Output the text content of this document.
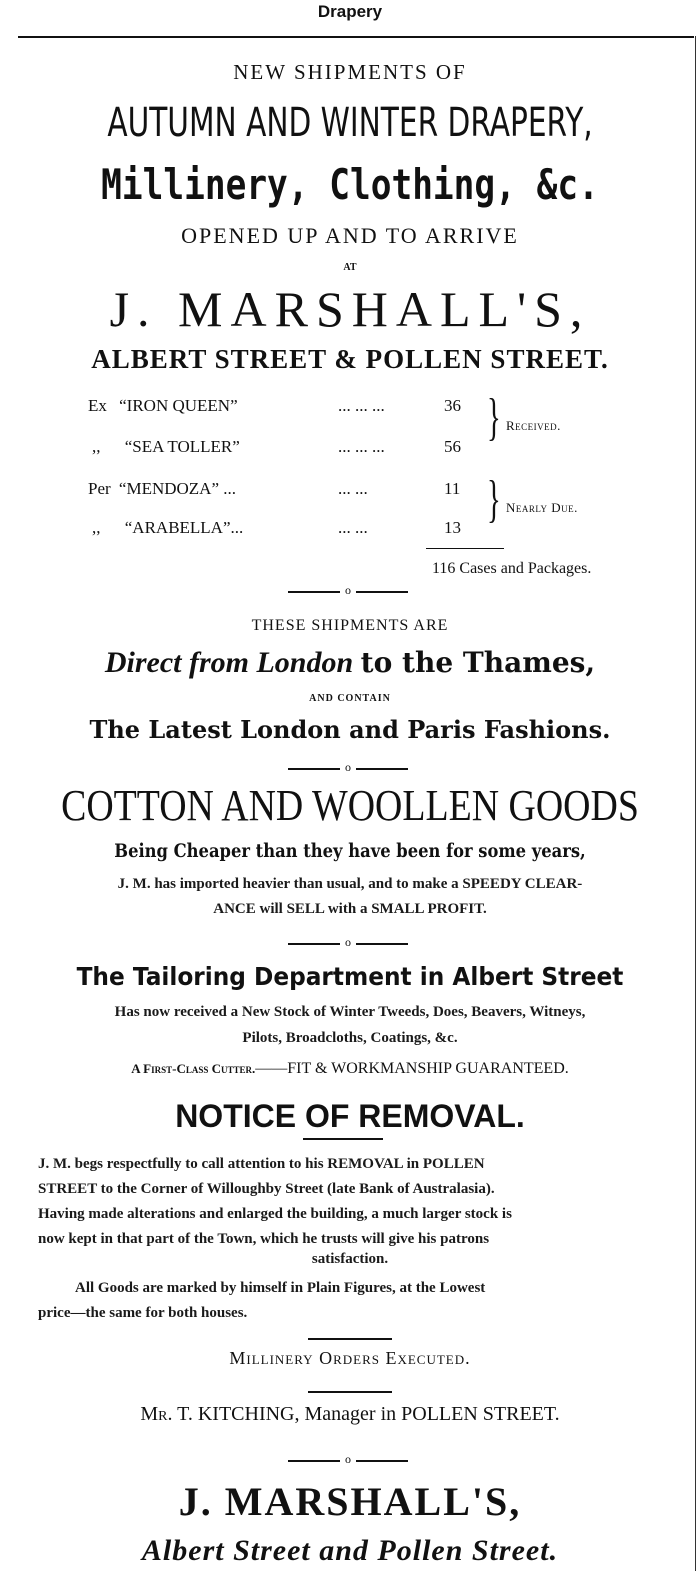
Drapery
NEW SHIPMENTS OF
AUTUMN AND WINTER DRAPERY,
Millinery, Clothing, &c.
OPENED UP AND TO ARRIVE
AT
J. MARSHALL'S,
ALBERT STREET & POLLEN STREET.
Ex “IRON QUEEN”	... ... ...	36
,, “SEA TOLLER”	... ... ...	56
} Received.
Per “MENDOZA” ...	... ...	11
,, “ARABELLA”...	... ...	13 } Nearly Due.
116 Cases and Packages.
o
THESE SHIPMENTS ARE
Direct from London to the Thames,
AND CONTAIN
The Latest London and Paris Fashions.
o
COTTON AND WOOLLEN GOODS
Being Cheaper than they have been for some years,
J. M. has imported heavier than usual, and to make a SPEEDY CLEAR-
ANCE will SELL with a SMALL PROFIT.
o
The Tailoring Department in Albert Street
Has now received a New Stock of Winter Tweeds, Does, Beavers, Witneys,
Pilots, Broadcloths, Coatings, &c.
A First-Class Cutter.——FIT & WORKMANSHIP GUARANTEED.
NOTICE OF REMOVAL.
J. M. begs respectfully to call attention to his REMOVAL in POLLEN
STREET to the Corner of Willoughby Street (late Bank of Australasia).
Having made alterations and enlarged the building, a much larger stock is
now kept in that part of the Town, which he trusts will give his patrons
satisfaction.
All Goods are marked by himself in Plain Figures, at the Lowest
price—the same for both houses.
Millinery Orders Executed.
Mr. T. KITCHING, Manager in POLLEN STREET.
o
J. MARSHALL'S,
Albert Street and Pollen Street.
